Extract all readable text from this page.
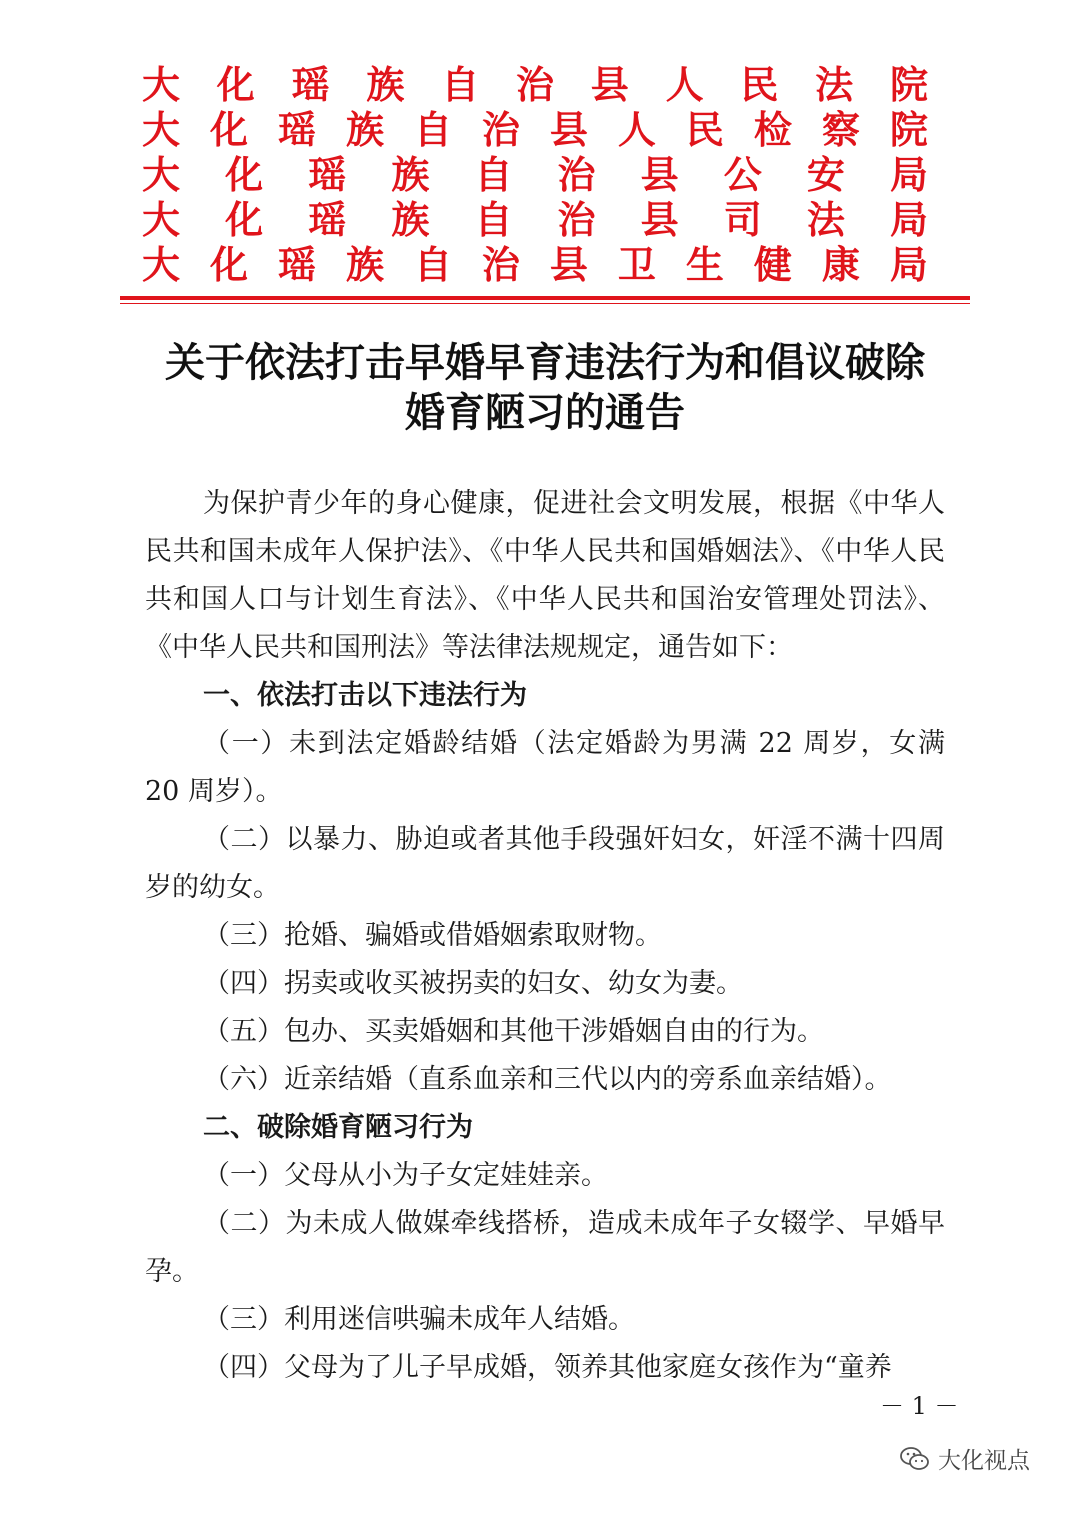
大 化 瑶 族 自 治 县 人 民 法 院
大 化 瑶 族 自 治 县 人 民 检 察 院
大 化 瑶 族 自 治 县 公 安 局
大 化 瑶 族 自 治 县 司 法 局
大 化 瑶 族 自 治 县 卫 生 健 康 局
关于依法打击早婚早育违法行为和倡议破除
婚育陋习的通告

为保护青少年的身心健康，促进社会文明发展，根据《中华人民共和国未成年人保护法》、《中华人民共和国婚姻法》、《中华人民共和国人口与计划生育法》、《中华人民共和国治安管理处罚法》、《中华人民共和国刑法》等法律法规规定，通告如下：

一、依法打击以下违法行为

（一）未到法定婚龄结婚（法定婚龄为男满 22 周岁，女满 20 周岁）。

（二）以暴力、胁迫或者其他手段强奸妇女，奸淫不满十四周岁的幼女。

（三）抢婚、骗婚或借婚姻索取财物。

（四）拐卖或收买被拐卖的妇女、幼女为妻。

（五）包办、买卖婚姻和其他干涉婚姻自由的行为。

（六）近亲结婚（直系血亲和三代以内的旁系血亲结婚）。

二、破除婚育陋习行为

（一）父母从小为子女定娃娃亲。

（二）为未成人做媒牵线搭桥，造成未成年子女辍学、早婚早孕。

（三）利用迷信哄骗未成年人结婚。

（四）父母为了儿子早成婚，领养其他家庭女孩作为“童养

－ 1 －
大化视点
